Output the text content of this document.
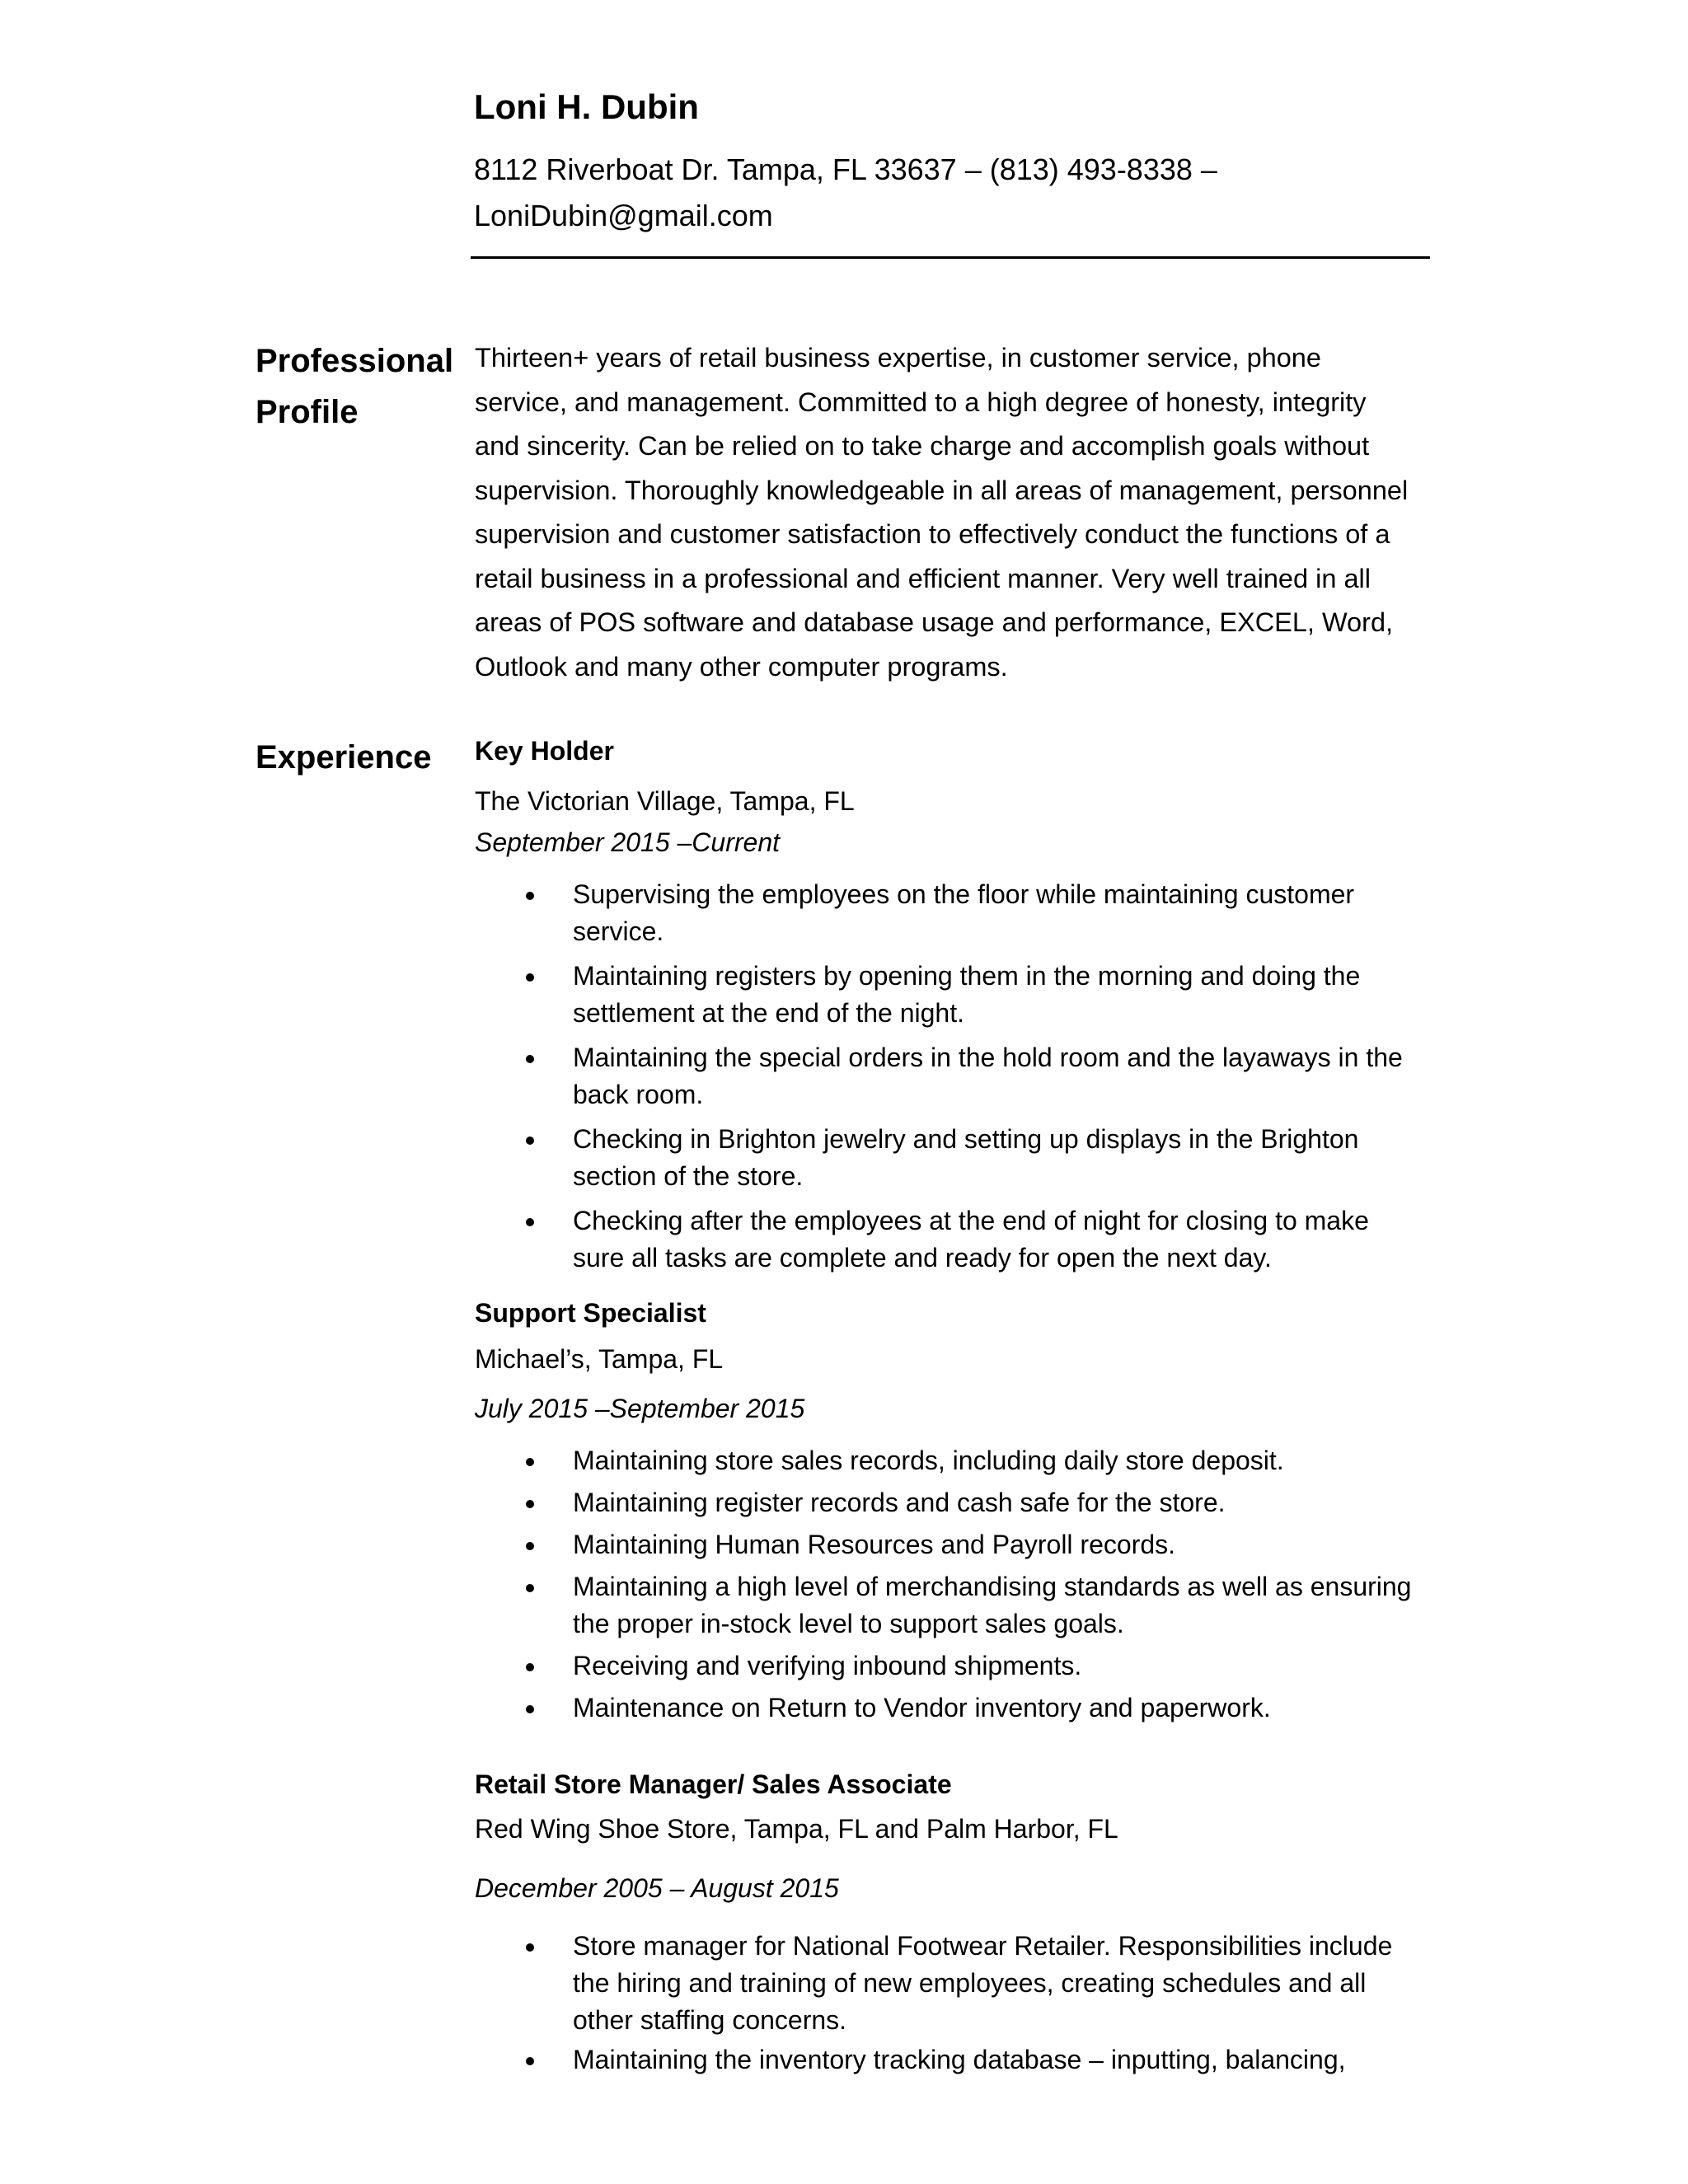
Loni H. Dubin
8112 Riverboat Dr. Tampa, FL 33637 – (813) 493-8338 –
LoniDubin@gmail.com
Professional
Profile
Thirteen+ years of retail business expertise, in customer service, phone service, and management. Committed to a high degree of honesty, integrity and sincerity. Can be relied on to take charge and accomplish goals without supervision. Thoroughly knowledgeable in all areas of management, personnel supervision and customer satisfaction to effectively conduct the functions of a retail business in a professional and efficient manner. Very well trained in all areas of POS software and database usage and performance, EXCEL, Word, Outlook and many other computer programs.
Experience	Key Holder
The Victorian Village, Tampa, FL
September 2015 –Current
Supervising the employees on the floor while maintaining customer service.
Maintaining registers by opening them in the morning and doing the settlement at the end of the night.
Maintaining the special orders in the hold room and the layaways in the back room.
Checking in Brighton jewelry and setting up displays in the Brighton section of the store.
Checking after the employees at the end of night for closing to make sure all tasks are complete and ready for open the next day.
Support Specialist
Michael’s, Tampa, FL
July 2015 –September 2015
Maintaining store sales records, including daily store deposit.
Maintaining register records and cash safe for the store.
Maintaining Human Resources and Payroll records.
Maintaining a high level of merchandising standards as well as ensuring the proper in-stock level to support sales goals.
Receiving and verifying inbound shipments.
Maintenance on Return to Vendor inventory and paperwork.
Retail Store Manager/ Sales Associate
Red Wing Shoe Store, Tampa, FL and Palm Harbor, FL
December 2005 – August 2015
Store manager for National Footwear Retailer. Responsibilities include the hiring and training of new employees, creating schedules and all other staffing concerns.
Maintaining the inventory tracking database – inputting, balancing,
